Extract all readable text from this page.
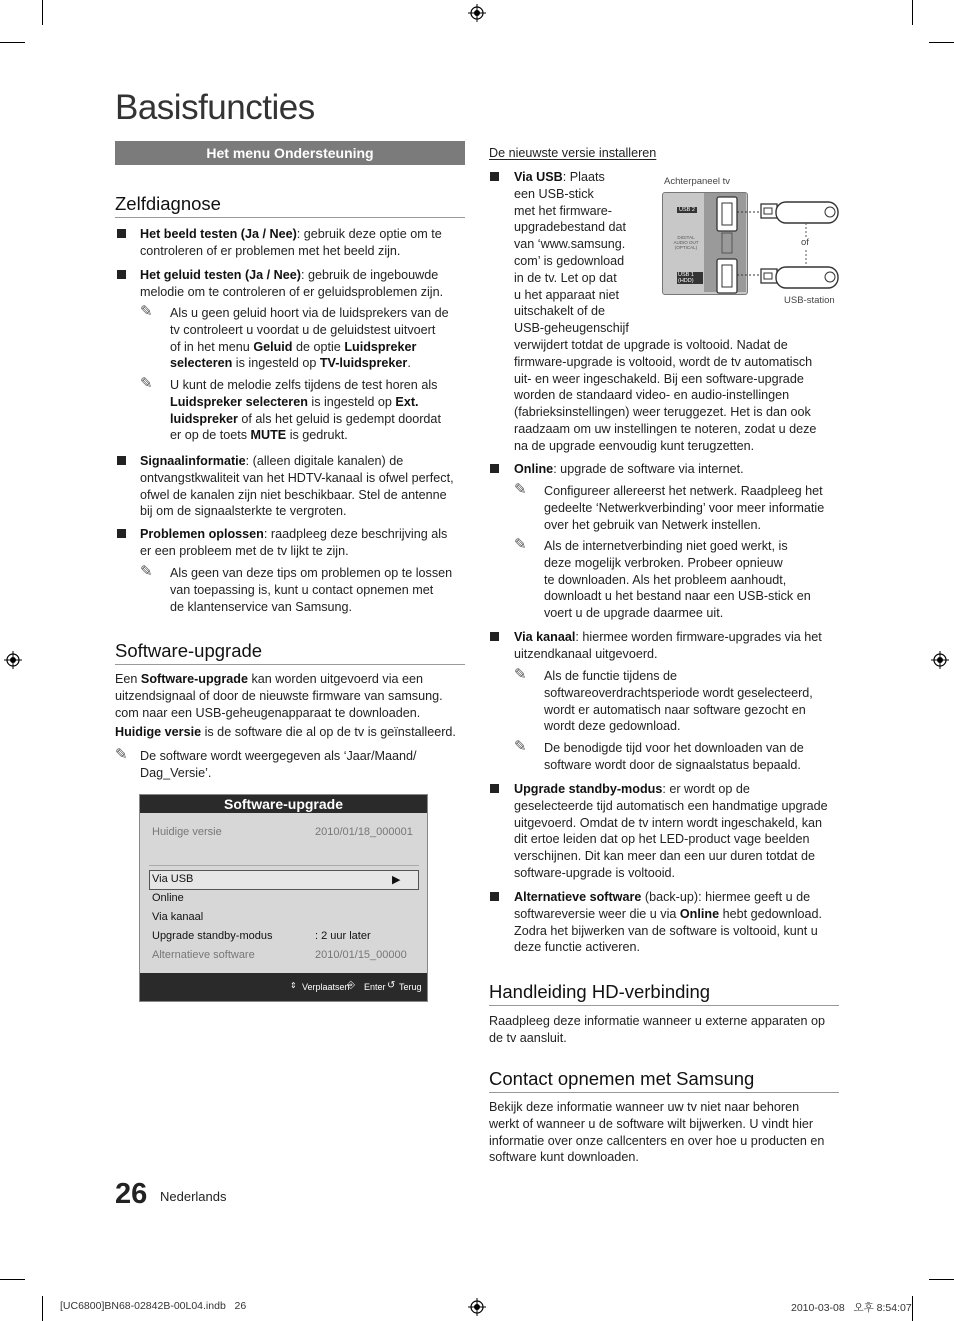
Basisfuncties
Het menu Ondersteuning
Zelfdiagnose
Het beeld testen (Ja / Nee): gebruik deze optie om te
controleren of er problemen met het beeld zijn.
Het geluid testen (Ja / Nee): gebruik de ingebouwde
melodie om te controleren of er geluidsproblemen zijn.
✎ Als u geen geluid hoort via de luidsprekers van de
tv controleert u voordat u de geluidstest uitvoert
of in het menu Geluid de optie Luidspreker
selecteren is ingesteld op TV-luidspreker.
✎ U kunt de melodie zelfs tijdens de test horen als
Luidspreker selecteren is ingesteld op Ext.
luidspreker of als het geluid is gedempt doordat
er op de toets MUTE is gedrukt.
Signaalinformatie: (alleen digitale kanalen) de
ontvangstkwaliteit van het HDTV-kanaal is ofwel perfect,
ofwel de kanalen zijn niet beschikbaar. Stel de antenne
bij om de signaalsterkte te vergroten.
Problemen oplossen: raadpleeg deze beschrijving als
er een probleem met de tv lijkt te zijn.
✎ Als geen van deze tips om problemen op te lossen
van toepassing is, kunt u contact opnemen met
de klantenservice van Samsung.
Software-upgrade
Een Software-upgrade kan worden uitgevoerd via een
uitzendsignaal of door de nieuwste firmware van samsung.
com naar een USB-geheugenapparaat te downloaden.
Huidige versie is de software die al op de tv is geïnstalleerd.
✎ De software wordt weergegeven als ‘Jaar/Maand/
Dag_Versie’.
Software-upgrade
Huidige versie	2010/01/18_000001
Via USB	▶
Online
Via kanaal
Upgrade standby-modus	: 2 uur later
Alternatieve software	2010/01/15_00000
⇕ Verplaatsen
⎆ Enter ↺ Terug
26 Nederlands
De nieuwste versie installeren
Via USB: Plaats
een USB-stick
met het firmware-
upgradebestand dat
van ‘www.samsung.
com’ is gedownload
in de tv. Let op dat
u het apparaat niet
uitschakelt of de
USB-geheugenschijf
verwijdert totdat de upgrade is voltooid. Nadat de
firmware-upgrade is voltooid, wordt de tv automatisch
uit- en weer ingeschakeld. Bij een software-upgrade
worden de standaard video- en audio-instellingen
(fabrieksinstellingen) weer teruggezet. Het is dan ook
raadzaam om uw instellingen te noteren, zodat u deze
na de upgrade eenvoudig kunt terugzetten.
Achterpaneel tv
USB 2
DIGITAL AUDIO OUT (OPTICAL)
USB 1 (HDD)
of
USB-station
Online: upgrade de software via internet.
✎ Configureer allereerst het netwerk. Raadpleeg het
gedeelte ‘Netwerkverbinding’ voor meer informatie
over het gebruik van Netwerk instellen.
✎ Als de internetverbinding niet goed werkt, is
deze mogelijk verbroken. Probeer opnieuw
te downloaden. Als het probleem aanhoudt,
downloadt u het bestand naar een USB-stick en
voert u de upgrade daarmee uit.
Via kanaal: hiermee worden firmware-upgrades via het
uitzendkanaal uitgevoerd.
✎ Als de functie tijdens de
softwareoverdrachtsperiode wordt geselecteerd,
wordt er automatisch naar software gezocht en
wordt deze gedownload.
✎ De benodigde tijd voor het downloaden van de
software wordt door de signaalstatus bepaald.
Upgrade standby-modus: er wordt op de
geselecteerde tijd automatisch een handmatige upgrade
uitgevoerd. Omdat de tv intern wordt ingeschakeld, kan
dit ertoe leiden dat op het LED-product vage beelden
verschijnen. Dit kan meer dan een uur duren totdat de
software-upgrade is voltooid.
Alternatieve software (back-up): hiermee geeft u de
softwareversie weer die u via Online hebt gedownload.
Zodra het bijwerken van de software is voltooid, kunt u
deze functie activeren.
Handleiding HD-verbinding
Raadpleeg deze informatie wanneer u externe apparaten op
de tv aansluit.
Contact opnemen met Samsung
Bekijk deze informatie wanneer uw tv niet naar behoren
werkt of wanneer u de software wilt bijwerken. U vindt hier
informatie over onze callcenters en over hoe u producten en
software kunt downloaden.
[UC6800]BN68-02842B-00L04.indb   26	2010-03-08   오후 8:54:07
